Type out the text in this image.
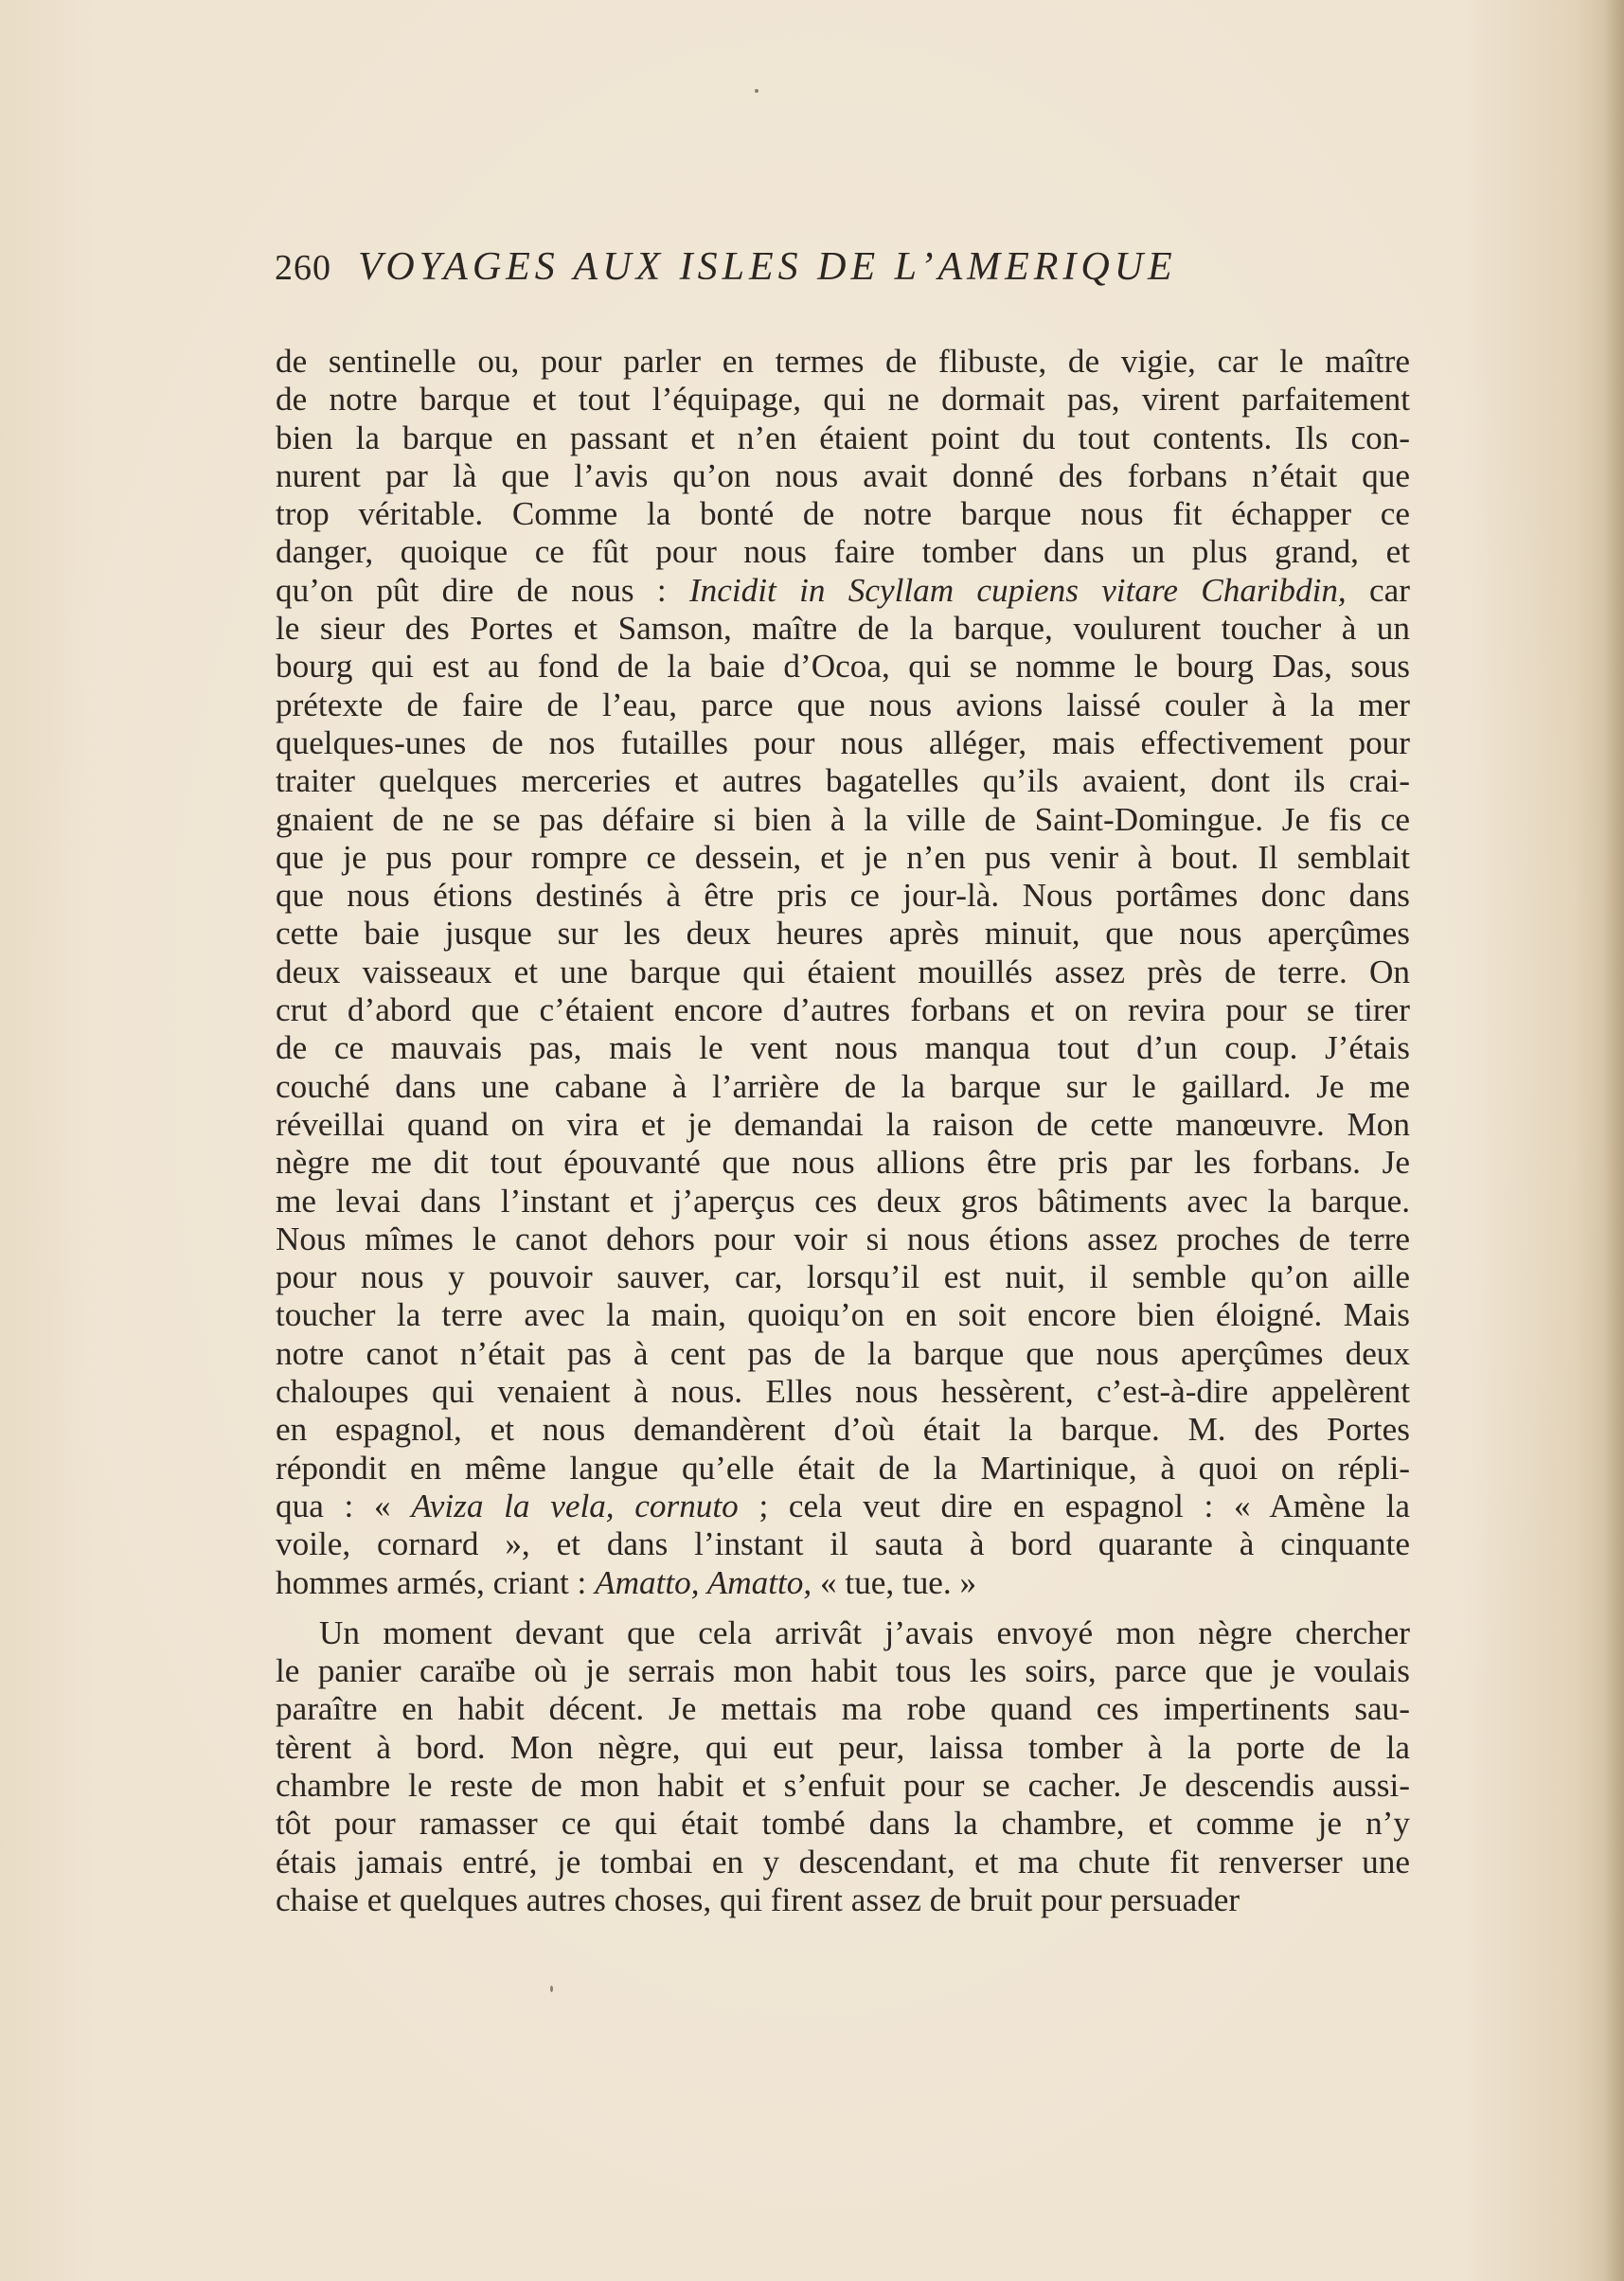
260 VOYAGES AUX ISLES DE L’AMERIQUE
de sentinelle ou, pour parler en termes de flibuste, de vigie, car le maître
de notre barque et tout l’équipage, qui ne dormait pas, virent parfaitement
bien la barque en passant et n’en étaient point du tout contents. Ils con-
nurent par là que l’avis qu’on nous avait donné des forbans n’était que
trop véritable. Comme la bonté de notre barque nous fit échapper ce
danger, quoique ce fût pour nous faire tomber dans un plus grand, et
qu’on pût dire de nous : Incidit in Scyllam cupiens vitare Charibdin, car
le sieur des Portes et Samson, maître de la barque, voulurent toucher à un
bourg qui est au fond de la baie d’Ocoa, qui se nomme le bourg Das, sous
prétexte de faire de l’eau, parce que nous avions laissé couler à la mer
quelques-unes de nos futailles pour nous alléger, mais effectivement pour
traiter quelques merceries et autres bagatelles qu’ils avaient, dont ils crai-
gnaient de ne se pas défaire si bien à la ville de Saint-Domingue. Je fis ce
que je pus pour rompre ce dessein, et je n’en pus venir à bout. Il semblait
que nous étions destinés à être pris ce jour-là. Nous portâmes donc dans
cette baie jusque sur les deux heures après minuit, que nous aperçûmes
deux vaisseaux et une barque qui étaient mouillés assez près de terre. On
crut d’abord que c’étaient encore d’autres forbans et on revira pour se tirer
de ce mauvais pas, mais le vent nous manqua tout d’un coup. J’étais
couché dans une cabane à l’arrière de la barque sur le gaillard. Je me
réveillai quand on vira et je demandai la raison de cette manœuvre. Mon
nègre me dit tout épouvanté que nous allions être pris par les forbans. Je
me levai dans l’instant et j’aperçus ces deux gros bâtiments avec la barque.
Nous mîmes le canot dehors pour voir si nous étions assez proches de terre
pour nous y pouvoir sauver, car, lorsqu’il est nuit, il semble qu’on aille
toucher la terre avec la main, quoiqu’on en soit encore bien éloigné. Mais
notre canot n’était pas à cent pas de la barque que nous aperçûmes deux
chaloupes qui venaient à nous. Elles nous hessèrent, c’est-à-dire appelèrent
en espagnol, et nous demandèrent d’où était la barque. M. des Portes
répondit en même langue qu’elle était de la Martinique, à quoi on répli-
qua : « Aviza la vela, cornuto ; cela veut dire en espagnol : « Amène la
voile, cornard », et dans l’instant il sauta à bord quarante à cinquante
hommes armés, criant : Amatto, Amatto, « tue, tue. »
Un moment devant que cela arrivât j’avais envoyé mon nègre chercher
le panier caraïbe où je serrais mon habit tous les soirs, parce que je voulais
paraître en habit décent. Je mettais ma robe quand ces impertinents sau-
tèrent à bord. Mon nègre, qui eut peur, laissa tomber à la porte de la
chambre le reste de mon habit et s’enfuit pour se cacher. Je descendis aussi-
tôt pour ramasser ce qui était tombé dans la chambre, et comme je n’y
étais jamais entré, je tombai en y descendant, et ma chute fit renverser une
chaise et quelques autres choses, qui firent assez de bruit pour persuader
